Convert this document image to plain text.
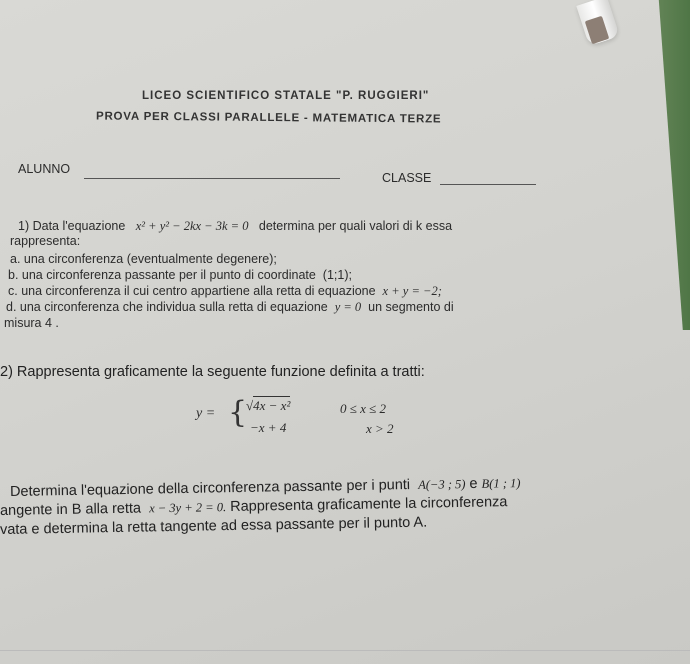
LICEO SCIENTIFICO STATALE "P. RUGGIERI"
PROVA PER CLASSI PARALLELE - MATEMATICA TERZE
ALUNNO
CLASSE
1) Data l'equazione x² + y² − 2kx − 3k = 0 determina per quali valori di k essa
rappresenta:
a. una circonferenza (eventualmente degenere);
b. una circonferenza passante per il punto di coordinate (1;1);
c. una circonferenza il cui centro appartiene alla retta di equazione x + y = −2;
d. una circonferenza che individua sulla retta di equazione y = 0 un segmento di
misura 4 .
2) Rappresenta graficamente la seguente funzione definita a tratti:
y = {
√4x − x²
−x + 4
0 ≤ x ≤ 2
x > 2
Determina l'equazione della circonferenza passante per i punti A(−3 ; 5) e B(1 ; 1)
angente in B alla retta x − 3y + 2 = 0. Rappresenta graficamente la circonferenza
vata e determina la retta tangente ad essa passante per il punto A.
